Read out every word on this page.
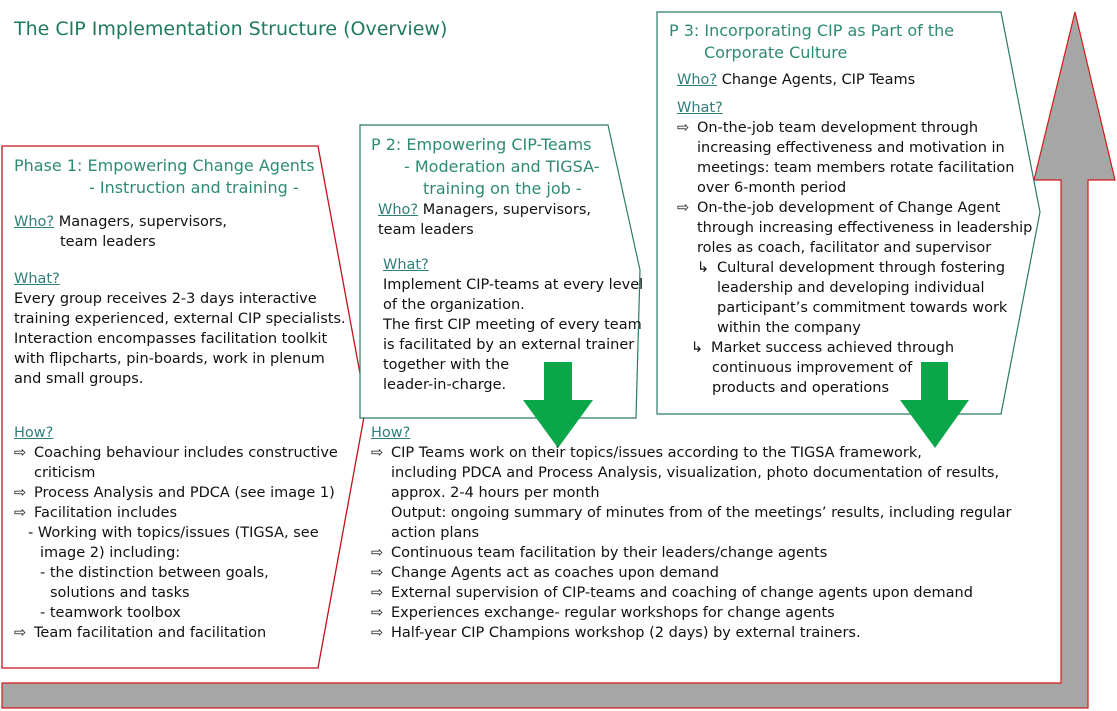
The CIP Implementation Structure (Overview)
Phase 1: Empowering Change Agents
- Instruction and training -
Who? Managers, supervisors,
team leaders
What?
Every group receives 2-3 days interactive
training experienced, external CIP specialists.
Interaction encompasses facilitation toolkit
with flipcharts, pin-boards, work in plenum
and small groups.
How?
⇨ Coaching behaviour includes constructive
criticism
⇨ Process Analysis and PDCA (see image 1)
⇨ Facilitation includes
- Working with topics/issues (TIGSA, see
image 2) including:
- the distinction between goals,
solutions and tasks
- teamwork toolbox
⇨ Team facilitation and facilitation
P 2: Empowering CIP-Teams
- Moderation and TIGSA-
training on the job -
Who? Managers, supervisors,
team leaders
What?
Implement CIP-teams at every level
of the organization.
The first CIP meeting of every team
is facilitated by an external trainer
together with the
leader-in-charge.
P 3: Incorporating CIP as Part of the
Corporate Culture
Who? Change Agents, CIP Teams
What?
⇨ On-the-job team development through
increasing effectiveness and motivation in
meetings: team members rotate facilitation
over 6-month period
⇨ On-the-job development of Change Agent
through increasing effectiveness in leadership
roles as coach, facilitator and supervisor
↳ Cultural development through fostering
leadership and developing individual
participant’s commitment towards work
within the company
↳ Market success achieved through
continuous improvement of
products and operations
How?
⇨ CIP Teams work on their topics/issues according to the TIGSA framework,
including PDCA and Process Analysis, visualization, photo documentation of results,
approx. 2-4 hours per month
Output: ongoing summary of minutes from of the meetings’ results, including regular
action plans
⇨ Continuous team facilitation by their leaders/change agents
⇨ Change Agents act as coaches upon demand
⇨ External supervision of CIP-teams and coaching of change agents upon demand
⇨ Experiences exchange- regular workshops for change agents
⇨ Half-year CIP Champions workshop (2 days) by external trainers.
